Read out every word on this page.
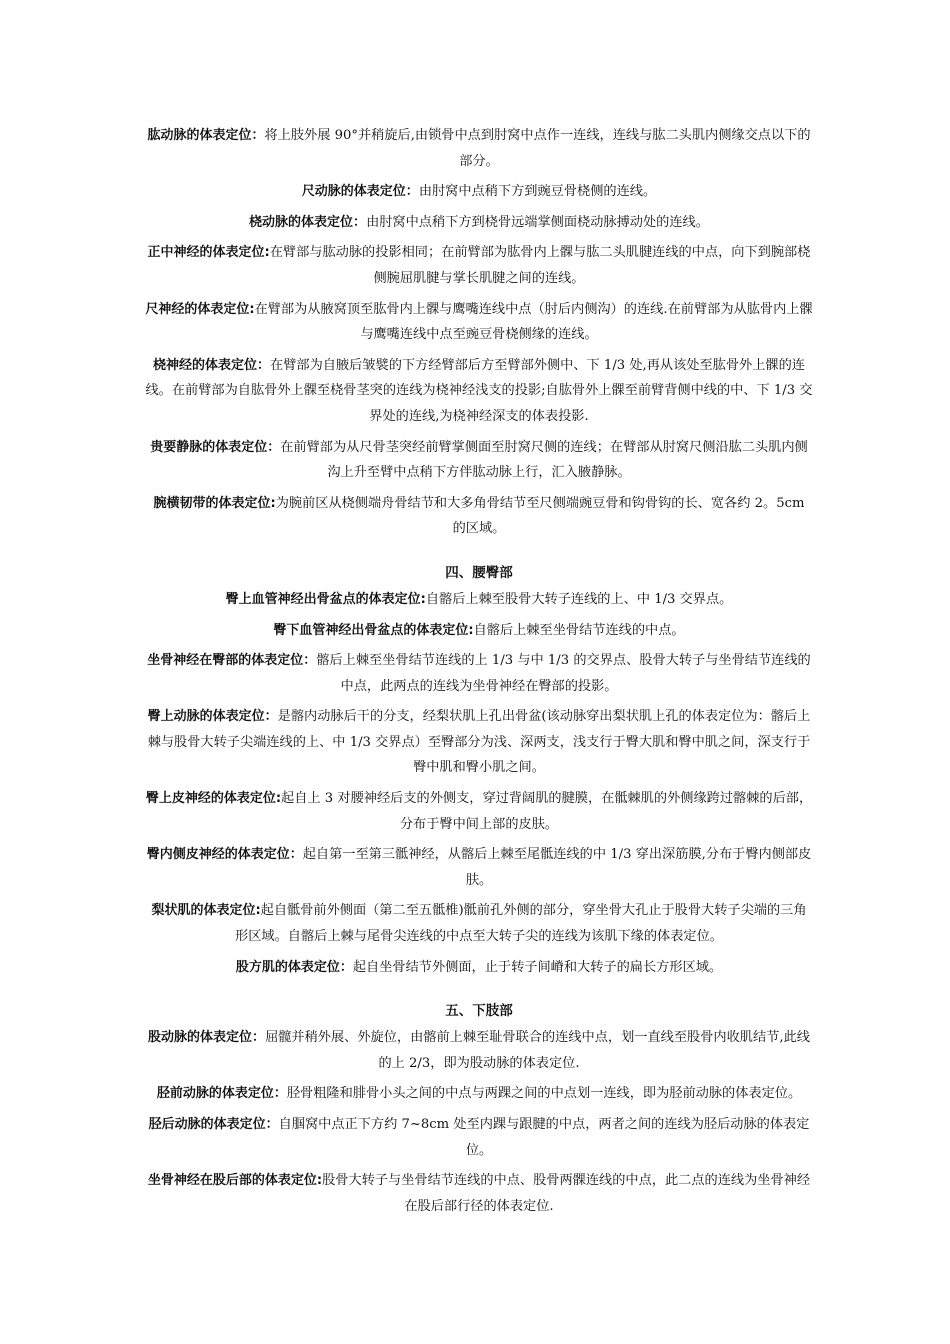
肱动脉的体表定位：将上肢外展 90°并稍旋后,由锁骨中点到肘窝中点作一连线，连线与肱二头肌内侧缘交点以下的部分。

尺动脉的体表定位：由肘窝中点稍下方到豌豆骨桡侧的连线。

桡动脉的体表定位：由肘窝中点稍下方到桡骨远端掌侧面桡动脉搏动处的连线。

正中神经的体表定位:在臂部与肱动脉的投影相同；在前臂部为肱骨内上髁与肱二头肌腱连线的中点，向下到腕部桡侧腕屈肌腱与掌长肌腱之间的连线。

尺神经的体表定位:在臂部为从腋窝顶至肱骨内上髁与鹰嘴连线中点（肘后内侧沟）的连线.在前臂部为从肱骨内上髁与鹰嘴连线中点至豌豆骨桡侧缘的连线。

桡神经的体表定位：在臂部为自腋后皱襞的下方经臂部后方至臂部外侧中、下 1/3 处,再从该处至肱骨外上髁的连线。在前臂部为自肱骨外上髁至桡骨茎突的连线为桡神经浅支的投影;自肱骨外上髁至前臂背侧中线的中、下 1/3 交界处的连线,为桡神经深支的体表投影.

贵要静脉的体表定位：在前臂部为从尺骨茎突经前臂掌侧面至肘窝尺侧的连线；在臂部从肘窝尺侧沿肱二头肌内侧沟上升至臂中点稍下方伴肱动脉上行，汇入腋静脉。

腕横韧带的体表定位:为腕前区从桡侧端舟骨结节和大多角骨结节至尺侧端豌豆骨和钩骨钩的长、宽各约 2。5cm 的区域。

四、腰臀部

臀上血管神经出骨盆点的体表定位:自髂后上棘至股骨大转子连线的上、中 1/3 交界点。

臀下血管神经出骨盆点的体表定位:自髂后上棘至坐骨结节连线的中点。

坐骨神经在臀部的体表定位：髂后上棘至坐骨结节连线的上 1/3 与中 1/3 的交界点、股骨大转子与坐骨结节连线的中点，此两点的连线为坐骨神经在臀部的投影。

臀上动脉的体表定位：是髂内动脉后干的分支，经梨状肌上孔出骨盆(该动脉穿出梨状肌上孔的体表定位为：髂后上棘与股骨大转子尖端连线的上、中 1/3 交界点）至臀部分为浅、深两支，浅支行于臀大肌和臀中肌之间，深支行于臀中肌和臀小肌之间。

臀上皮神经的体表定位:起自上 3 对腰神经后支的外侧支，穿过背阔肌的腱膜，在骶棘肌的外侧缘跨过髂棘的后部，分布于臀中间上部的皮肤。

臀内侧皮神经的体表定位：起自第一至第三骶神经，从髂后上棘至尾骶连线的中 1/3 穿出深筋膜,分布于臀内侧部皮肤。

梨状肌的体表定位:起自骶骨前外侧面（第二至五骶椎)骶前孔外侧的部分，穿坐骨大孔止于股骨大转子尖端的三角形区域。自髂后上棘与尾骨尖连线的中点至大转子尖的连线为该肌下缘的体表定位。

股方肌的体表定位：起自坐骨结节外侧面，止于转子间嵴和大转子的扁长方形区域。

五、下肢部

股动脉的体表定位：屈髋并稍外展、外旋位，由髂前上棘至耻骨联合的连线中点，划一直线至股骨内收肌结节,此线的上 2/3，即为股动脉的体表定位.

胫前动脉的体表定位：胫骨粗隆和腓骨小头之间的中点与两踝之间的中点划一连线，即为胫前动脉的体表定位。

胫后动脉的体表定位：自腘窝中点正下方约 7~8cm 处至内踝与跟腱的中点，两者之间的连线为胫后动脉的体表定位。

坐骨神经在股后部的体表定位:股骨大转子与坐骨结节连线的中点、股骨两髁连线的中点，此二点的连线为坐骨神经在股后部行径的体表定位.
